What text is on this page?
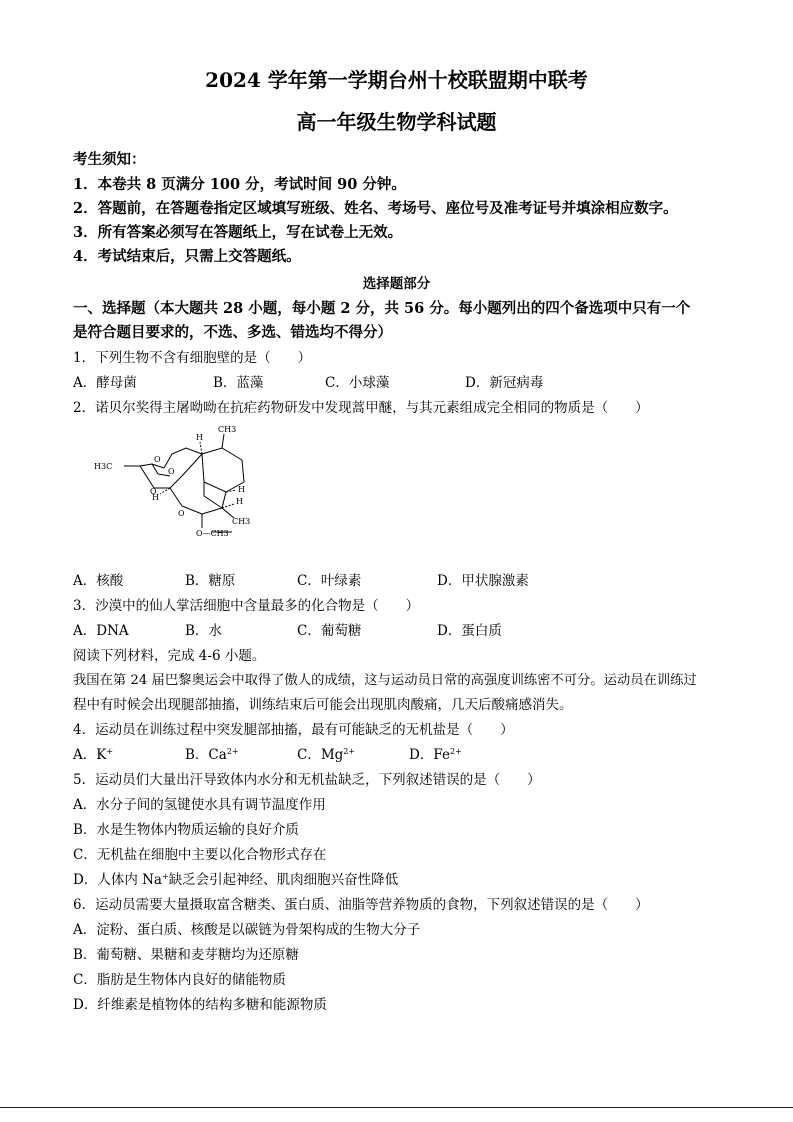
2024 学年第一学期台州十校联盟期中联考
高一年级生物学科试题
考生须知：
1．本卷共 8 页满分 100 分，考试时间 90 分钟。
2．答题前，在答题卷指定区域填写班级、姓名、考场号、座位号及准考证号并填涂相应数字。
3．所有答案必须写在答题纸上，写在试卷上无效。
4．考试结束后，只需上交答题纸。
选择题部分
一、选择题（本大题共 28 小题，每小题 2 分，共 56 分。每小题列出的四个备选项中只有一个
是符合题目要求的，不选、多选、错选均不得分）
1．下列生物不含有细胞壁的是（　　）
A．酵母菌	B．蓝藻	C．小球藻	D．新冠病毒
2．诺贝尔奖得主屠呦呦在抗疟药物研发中发现蒿甲醚，与其元素组成完全相同的物质是（　　）
CH3
H3C
O
O
O
O
H
H
H
H
CH3
O—CH3
A．核酸	B．糖原	C．叶绿素	D．甲状腺激素
3．沙漠中的仙人掌活细胞中含量最多的化合物是（　　）
A．DNA	B．水	C．葡萄糖	D．蛋白质
阅读下列材料，完成 4-6 小题。
我国在第 24 届巴黎奥运会中取得了傲人的成绩，这与运动员日常的高强度训练密不可分。运动员在训练过
程中有时候会出现腿部抽搐，训练结束后可能会出现肌肉酸痛，几天后酸痛感消失。
4．运动员在训练过程中突发腿部抽搐，最有可能缺乏的无机盐是（　　）
A．K+	B．$Ca^{2+}$	C．$Mg^{2+}$	D．$Fe^{2+}$
5．运动员们大量出汗导致体内水分和无机盐缺乏，下列叙述错误的是（　　）
A．水分子间的氢键使水具有调节温度作用
B．水是生物体内物质运输的良好介质
C．无机盐在细胞中主要以化合物形式存在
D．人体内 Na+缺乏会引起神经、肌肉细胞兴奋性降低
6．运动员需要大量摄取富含糖类、蛋白质、油脂等营养物质的食物，下列叙述错误的是（　　）
A．淀粉、蛋白质、核酸是以碳链为骨架构成的生物大分子
B．葡萄糖、果糖和麦芽糖均为还原糖
C．脂肪是生物体内良好的储能物质
D．纤维素是植物体的结构多糖和能源物质
